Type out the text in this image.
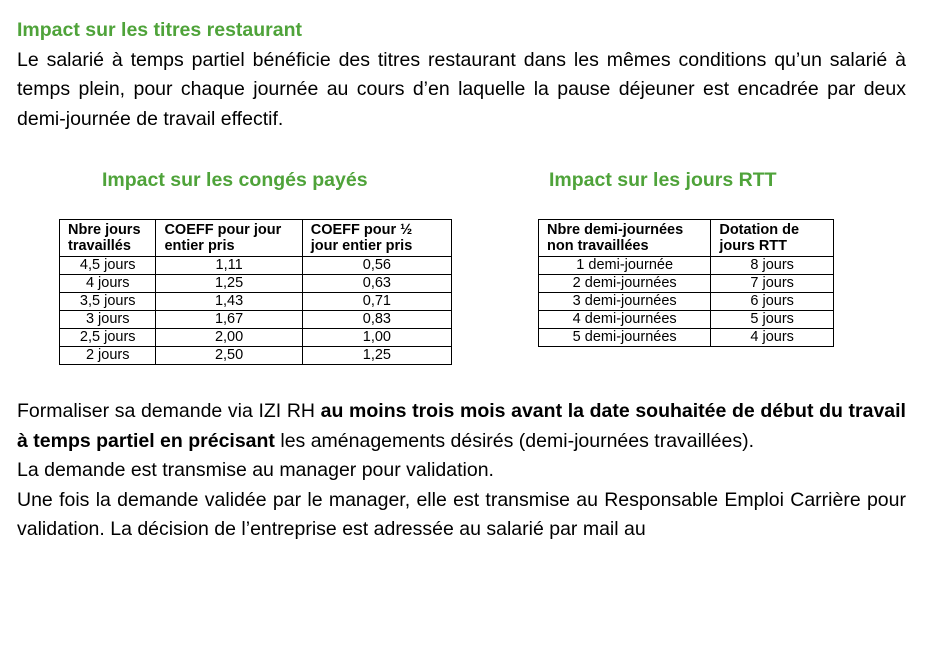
Impact sur les titres restaurant
Le salarié à temps partiel bénéficie des titres restaurant dans les mêmes conditions qu’un salarié à temps plein, pour chaque journée au cours d’en laquelle la pause déjeuner est encadrée par deux demi-journée de travail effectif.
Impact sur les congés payés	Impact sur les jours RTT
Nbre jours travaillés	COEFF pour jour entier pris	COEFF pour ½ jour entier pris
4,5 jours	1,11	0,56
4 jours	1,25	0,63
3,5 jours	1,43	0,71
3 jours	1,67	0,83
2,5 jours	2,00	1,00
2 jours	2,50	1,25
Nbre demi-journées non travaillées	Dotation de jours RTT
1 demi-journée	8 jours
2 demi-journées	7 jours
3 demi-journées	6 jours
4 demi-journées	5 jours
5 demi-journées	4 jours

Formaliser sa demande via IZI RH au moins trois mois avant la date souhaitée de début du travail à temps partiel en précisant les aménagements désirés (demi-journées travaillées).

La demande est transmise au manager pour validation.

Une fois la demande validée par le manager, elle est transmise au Responsable Emploi Carrière pour validation. La décision de l’entreprise est adressée au salarié par mail au
